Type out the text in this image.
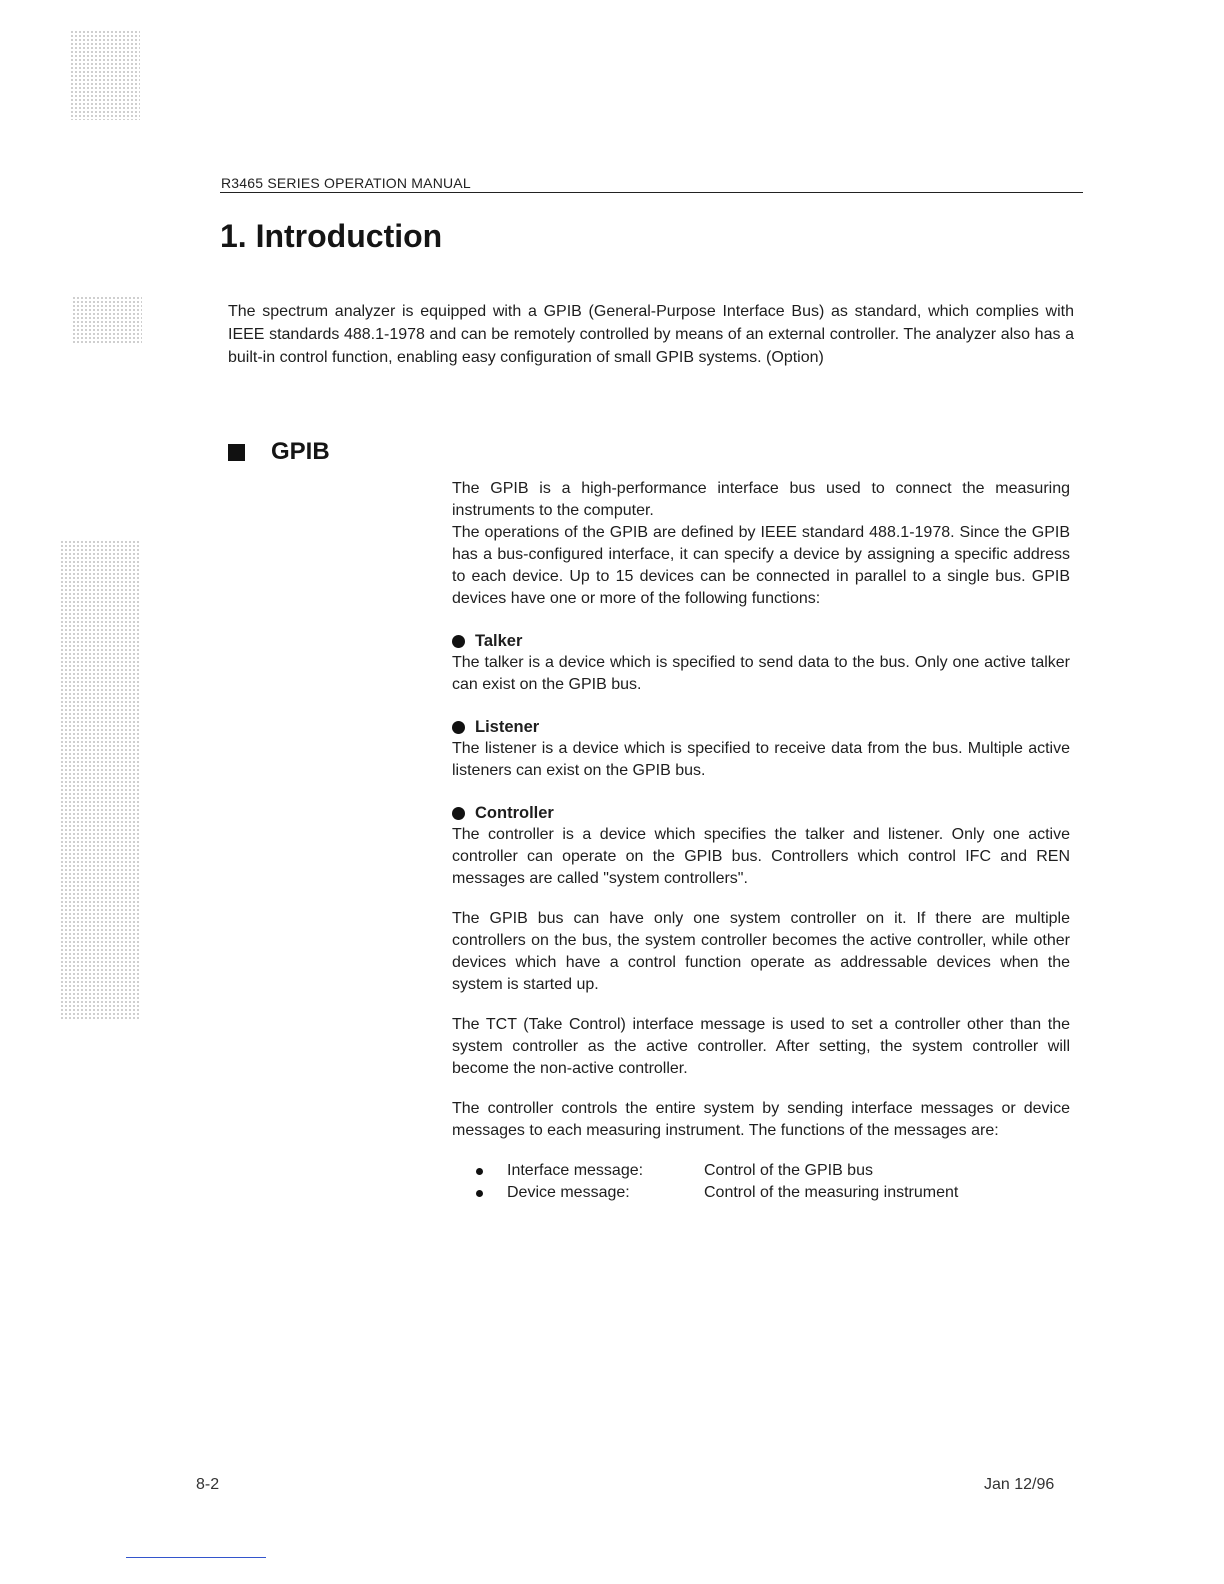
R3465 SERIES OPERATION MANUAL
1. Introduction

The spectrum analyzer is equipped with a GPIB (General-Purpose Interface Bus) as standard, which complies with IEEE standards 488.1-1978 and can be remotely controlled by means of an external controller. The analyzer also has a built-in control function, enabling easy configuration of small GPIB systems. (Option)

GPIB

The GPIB is a high-performance interface bus used to connect the measuring instruments to the computer.

The operations of the GPIB are defined by IEEE standard 488.1-1978. Since the GPIB has a bus-configured interface, it can specify a device by assigning a specific address to each device. Up to 15 devices can be connected in parallel to a single bus. GPIB devices have one or more of the following functions:

Talker

The talker is a device which is specified to send data to the bus. Only one active talker can exist on the GPIB bus.

Listener

The listener is a device which is specified to receive data from the bus. Multiple active listeners can exist on the GPIB bus.

Controller

The controller is a device which specifies the talker and listener. Only one active controller can operate on the GPIB bus. Controllers which control IFC and REN messages are called "system controllers".

The GPIB bus can have only one system controller on it. If there are multiple controllers on the bus, the system controller becomes the active controller, while other devices which have a control function operate as addressable devices when the system is started up.

The TCT (Take Control) interface message is used to set a controller other than the system controller as the active controller. After setting, the system controller will become the non-active controller.

The controller controls the entire system by sending interface messages or device messages to each measuring instrument. The functions of the messages are:

Interface message:	Control of the GPIB bus
Device message:	Control of the measuring instrument
8-2	Jan 12/96
